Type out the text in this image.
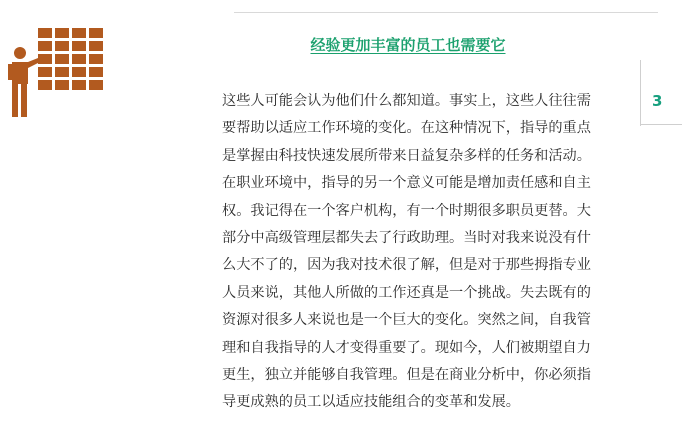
经验更加丰富的员工也需要它
3
这些人可能会认为他们什么都知道。事实上，这些人往往需
要帮助以适应工作环境的变化。在这种情况下，指导的重点
是掌握由科技快速发展所带来日益复杂多样的任务和活动。
在职业环境中，指导的另一个意义可能是增加责任感和自主
权。我记得在一个客户机构，有一个时期很多职员更替。大
部分中高级管理层都失去了行政助理。当时对我来说没有什
么大不了的，因为我对技术很了解，但是对于那些拇指专业
人员来说，其他人所做的工作还真是一个挑战。失去既有的
资源对很多人来说也是一个巨大的变化。突然之间，自我管
理和自我指导的人才变得重要了。现如今，人们被期望自力
更生，独立并能够自我管理。但是在商业分析中，你必须指
导更成熟的员工以适应技能组合的变革和发展。
